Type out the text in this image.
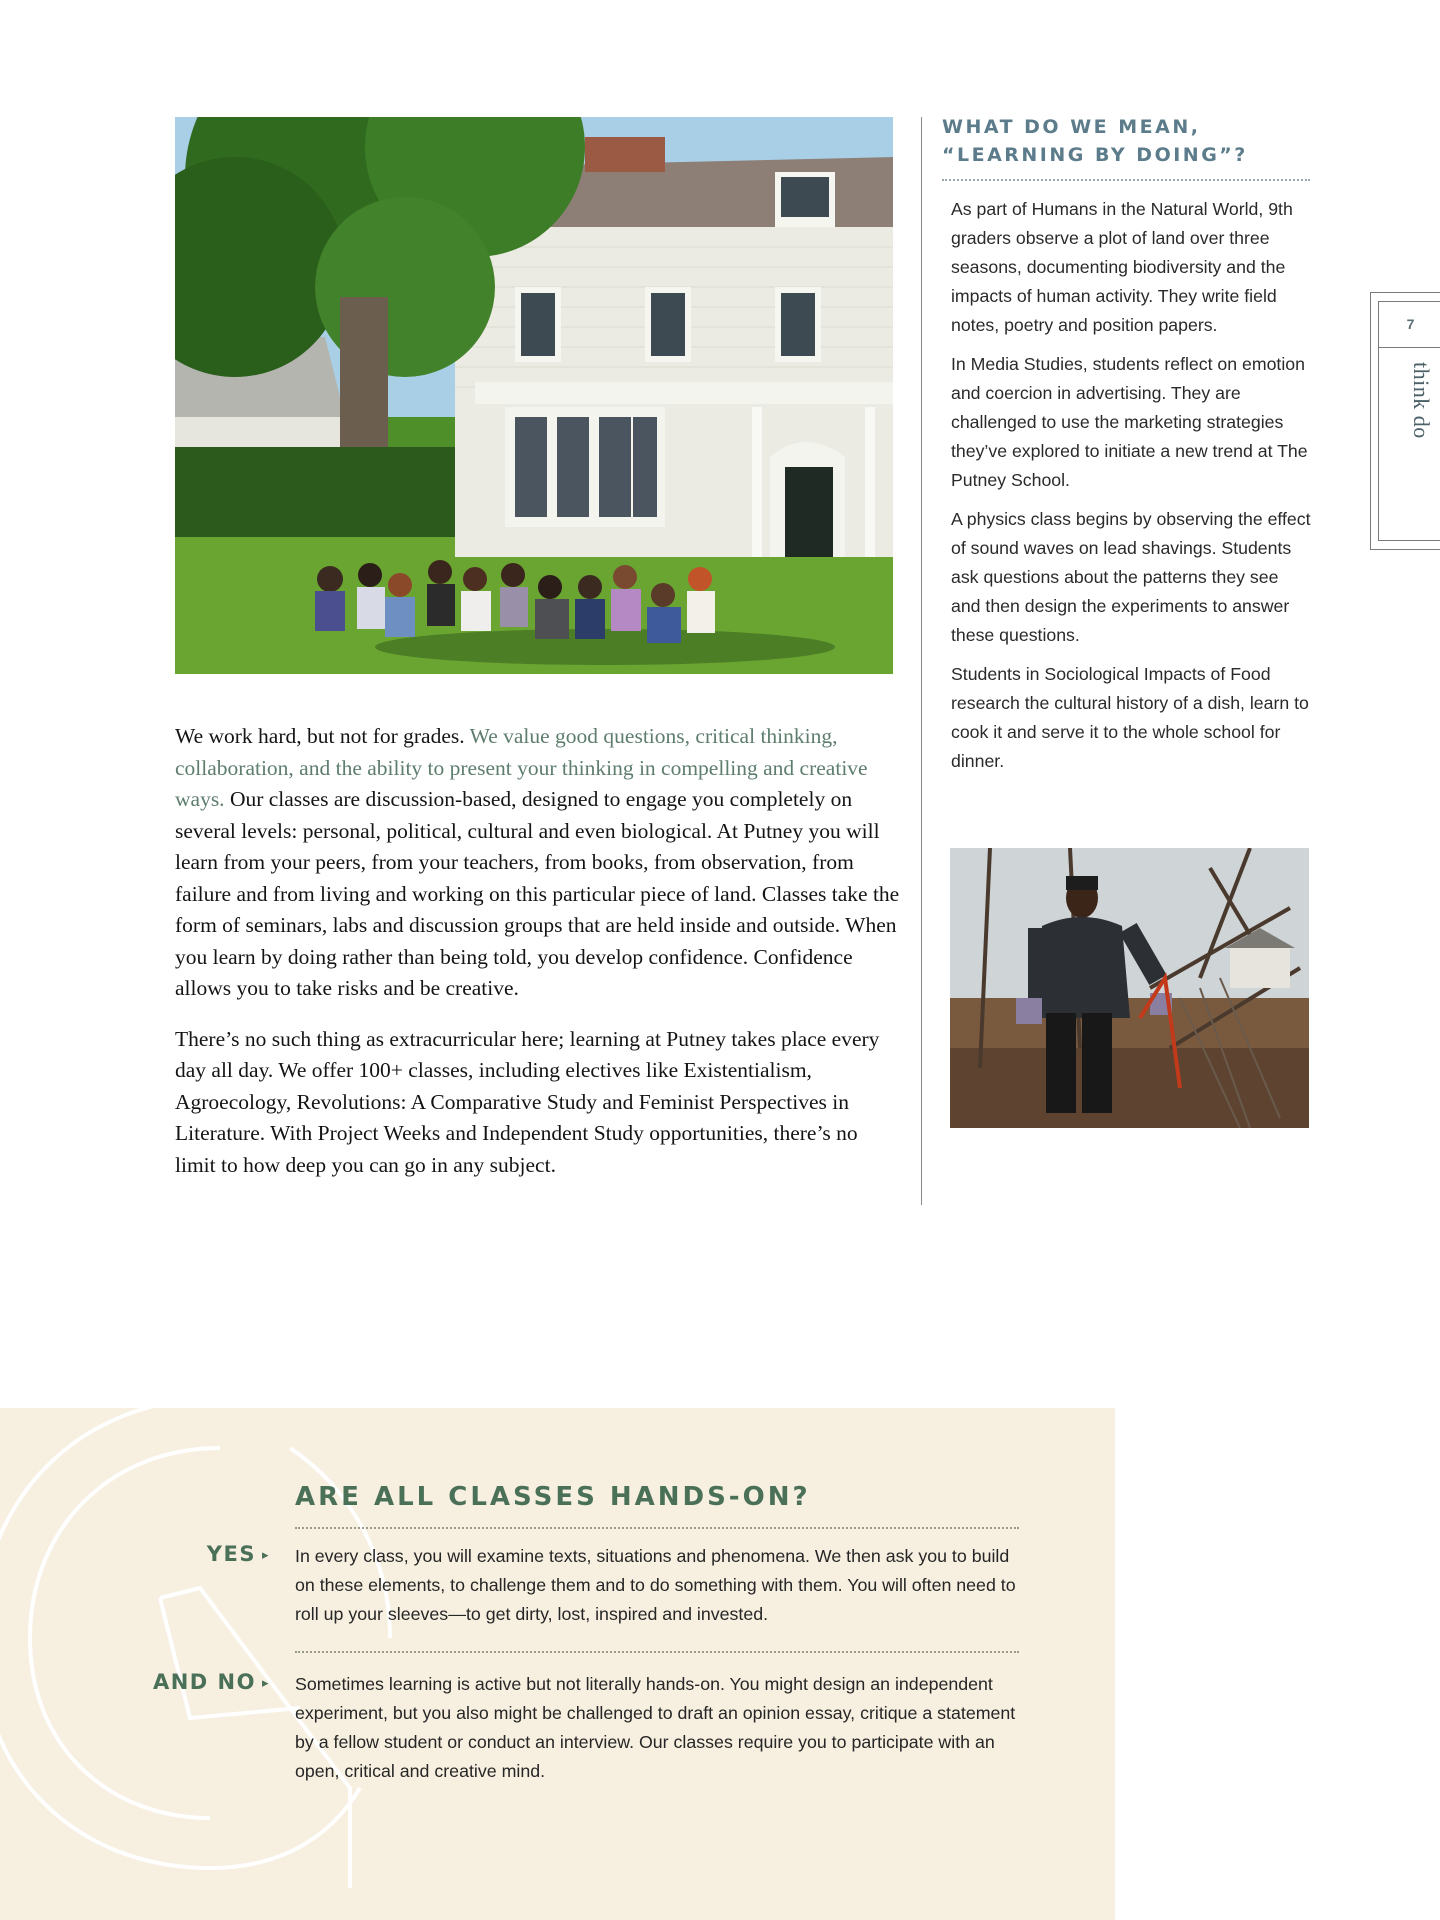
We work hard, but not for grades. We value good questions, critical thinking, collaboration, and the ability to present your thinking in compelling and creative ways. Our classes are discussion-based, designed to engage you completely on several levels: personal, political, cultural and even biological. At Putney you will learn from your peers, from your teachers, from books, from observation, from failure and from living and working on this particular piece of land. Classes take the form of seminars, labs and discussion groups that are held inside and outside. When you learn by doing rather than being told, you develop confidence. Confidence allows you to take risks and be creative.

There’s no such thing as extracurricular here; learning at Putney takes place every day all day. We offer 100+ classes, including electives like Existentialism, Agroecology, Revolutions: A Comparative Study and Feminist Perspectives in Literature. With Project Weeks and Independent Study opportunities, there’s no limit to how deep you can go in any subject.

WHAT DO WE MEAN,
“LEARNING BY DOING”?

As part of Humans in the Natural World, 9th graders observe a plot of land over three seasons, documenting biodiversity and the impacts of human activity. They write field notes, poetry and position papers.

In Media Studies, students reflect on emotion and coercion in advertising. They are challenged to use the marketing strategies they’ve explored to initiate a new trend at The Putney School.

A physics class begins by observing the effect of sound waves on lead shavings. Students ask questions about the patterns they see and then design the experiments to answer these questions.

Students in Sociological Impacts of Food research the cultural history of a dish, learn to cook it and serve it to the whole school for dinner.

7
think do
ARE ALL CLASSES HANDS-ON?
YES ▸ In every class, you will examine texts, situations and phenomena. We then ask you to build on these elements, to challenge them and to do something with them. You will often need to roll up your sleeves—to get dirty, lost, inspired and invested.

AND NO ▸ Sometimes learning is active but not literally hands-on. You might design an independent experiment, but you also might be challenged to draft an opinion essay, critique a statement by a fellow student or conduct an interview. Our classes require you to participate with an open, critical and creative mind.
